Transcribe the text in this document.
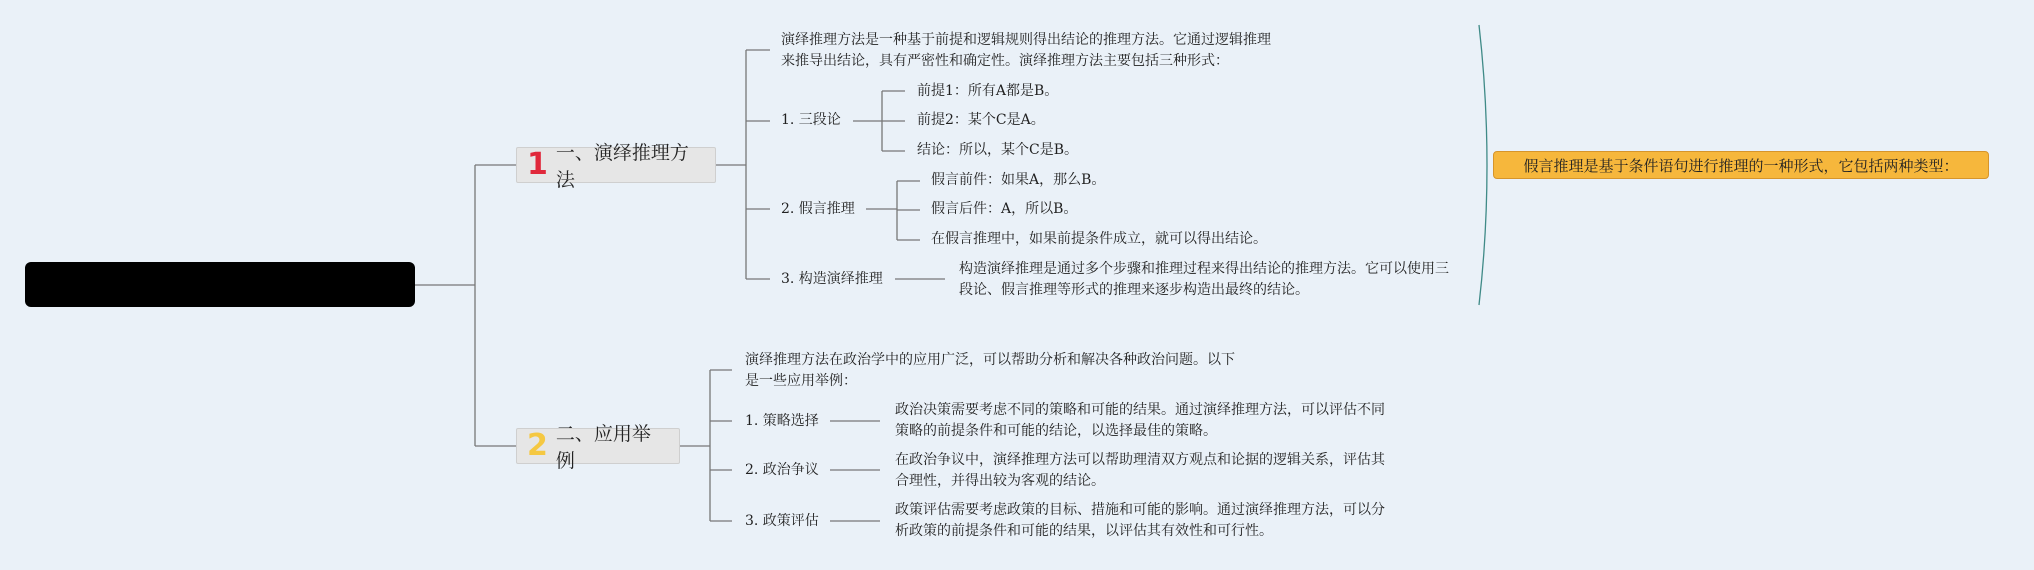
1 一、演绎推理方法
演绎推理方法是一种基于前提和逻辑规则得出结论的推理方法。它通过逻辑推理
来推导出结论，具有严密性和确定性。演绎推理方法主要包括三种形式：
1. 三段论
前提1：所有A都是B。
前提2：某个C是A。
结论：所以，某个C是B。
2. 假言推理
假言前件：如果A，那么B。
假言后件：A，所以B。
在假言推理中，如果前提条件成立，就可以得出结论。
3. 构造演绎推理
构造演绎推理是通过多个步骤和推理过程来得出结论的推理方法。它可以使用三
段论、假言推理等形式的推理来逐步构造出最终的结论。
假言推理是基于条件语句进行推理的一种形式，它包括两种类型：
2 二、应用举例
演绎推理方法在政治学中的应用广泛，可以帮助分析和解决各种政治问题。以下
是一些应用举例：
1. 策略选择
政治决策需要考虑不同的策略和可能的结果。通过演绎推理方法，可以评估不同
策略的前提条件和可能的结论，以选择最佳的策略。
2. 政治争议
在政治争议中，演绎推理方法可以帮助理清双方观点和论据的逻辑关系，评估其
合理性，并得出较为客观的结论。
3. 政策评估
政策评估需要考虑政策的目标、措施和可能的影响。通过演绎推理方法，可以分
析政策的前提条件和可能的结果，以评估其有效性和可行性。
